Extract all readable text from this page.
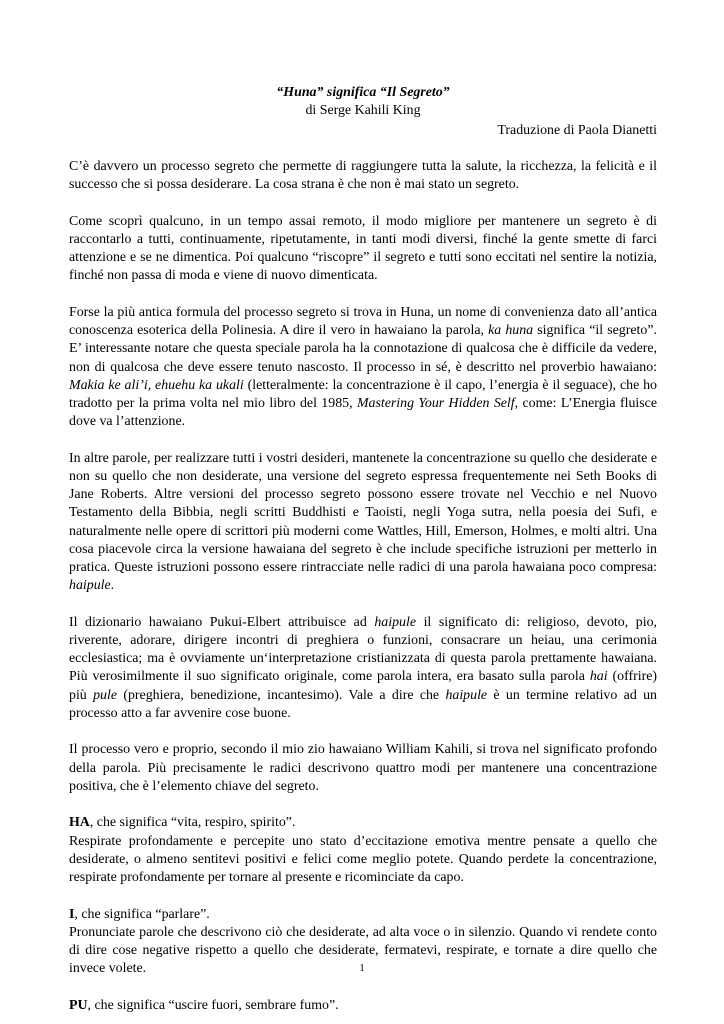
“Huna” significa “Il Segreto”

di Serge Kahili King

Traduzione di Paola Dianetti

C’è davvero un processo segreto che permette di raggiungere tutta la salute, la ricchezza, la felicità e il successo che si possa desiderare. La cosa strana è che non è mai stato un segreto.

Come scoprì qualcuno, in un tempo assai remoto, il modo migliore per mantenere un segreto è di raccontarlo a tutti, continuamente, ripetutamente, in tanti modi diversi, finché la gente smette di farci attenzione e se ne dimentica. Poi qualcuno “riscopre” il segreto e tutti sono eccitati nel sentire la notizia, finché non passa di moda e viene di nuovo dimenticata.

Forse la più antica formula del processo segreto si trova in Huna, un nome di convenienza dato all’antica conoscenza esoterica della Polinesia. A dire il vero in hawaiano la parola, ka huna significa “il segreto”. E’ interessante notare che questa speciale parola ha la connotazione di qualcosa che è difficile da vedere, non di qualcosa che deve essere tenuto nascosto. Il processo in sé, è descritto nel proverbio hawaiano: Makia ke ali’i, ehuehu ka ukali (letteralmente: la concentrazione è il capo, l’energia è il seguace), che ho tradotto per la prima volta nel mio libro del 1985, Mastering Your Hidden Self, come: L’Energia fluisce dove va l’attenzione.

In altre parole, per realizzare tutti i vostri desideri, mantenete la concentrazione su quello che desiderate e non su quello che non desiderate, una versione del segreto espressa frequentemente nei Seth Books di Jane Roberts. Altre versioni del processo segreto possono essere trovate nel Vecchio e nel Nuovo Testamento della Bibbia, negli scritti Buddhisti e Taoisti, negli Yoga sutra, nella poesia dei Sufi, e naturalmente nelle opere di scrittori più moderni come Wattles, Hill, Emerson, Holmes, e molti altri. Una cosa piacevole circa la versione hawaiana del segreto è che include specifiche istruzioni per metterlo in pratica. Queste istruzioni possono essere rintracciate nelle radici di una parola hawaiana poco compresa: haipule.

Il dizionario hawaiano Pukui-Elbert attribuisce ad haipule il significato di: religioso, devoto, pio, riverente, adorare, dirigere incontri di preghiera o funzioni, consacrare un heiau, una cerimonia ecclesiastica; ma è ovviamente un‘interpretazione cristianizzata di questa parola prettamente hawaiana. Più verosimilmente il suo significato originale, come parola intera, era basato sulla parola hai (offrire) più pule (preghiera, benedizione, incantesimo). Vale a dire che haipule è un termine relativo ad un processo atto a far avvenire cose buone.

Il processo vero e proprio, secondo il mio zio hawaiano William Kahili, si trova nel significato profondo della parola. Più precisamente le radici descrivono quattro modi per mantenere una concentrazione positiva, che è l’elemento chiave del segreto.

HA, che significa “vita, respiro, spirito”.

Respirate profondamente e percepite uno stato d’eccitazione emotiva mentre pensate a quello che desiderate, o almeno sentitevi positivi e felici come meglio potete. Quando perdete la concentrazione, respirate profondamente per tornare al presente e ricominciate da capo.

I, che significa “parlare”.

Pronunciate parole che descrivono ciò che desiderate, ad alta voce o in silenzio. Quando vi rendete conto di dire cose negative rispetto a quello che desiderate, fermatevi, respirate, e tornate a dire quello che invece volete.

PU, che significa “uscire fuori, sembrare fumo”.

1
